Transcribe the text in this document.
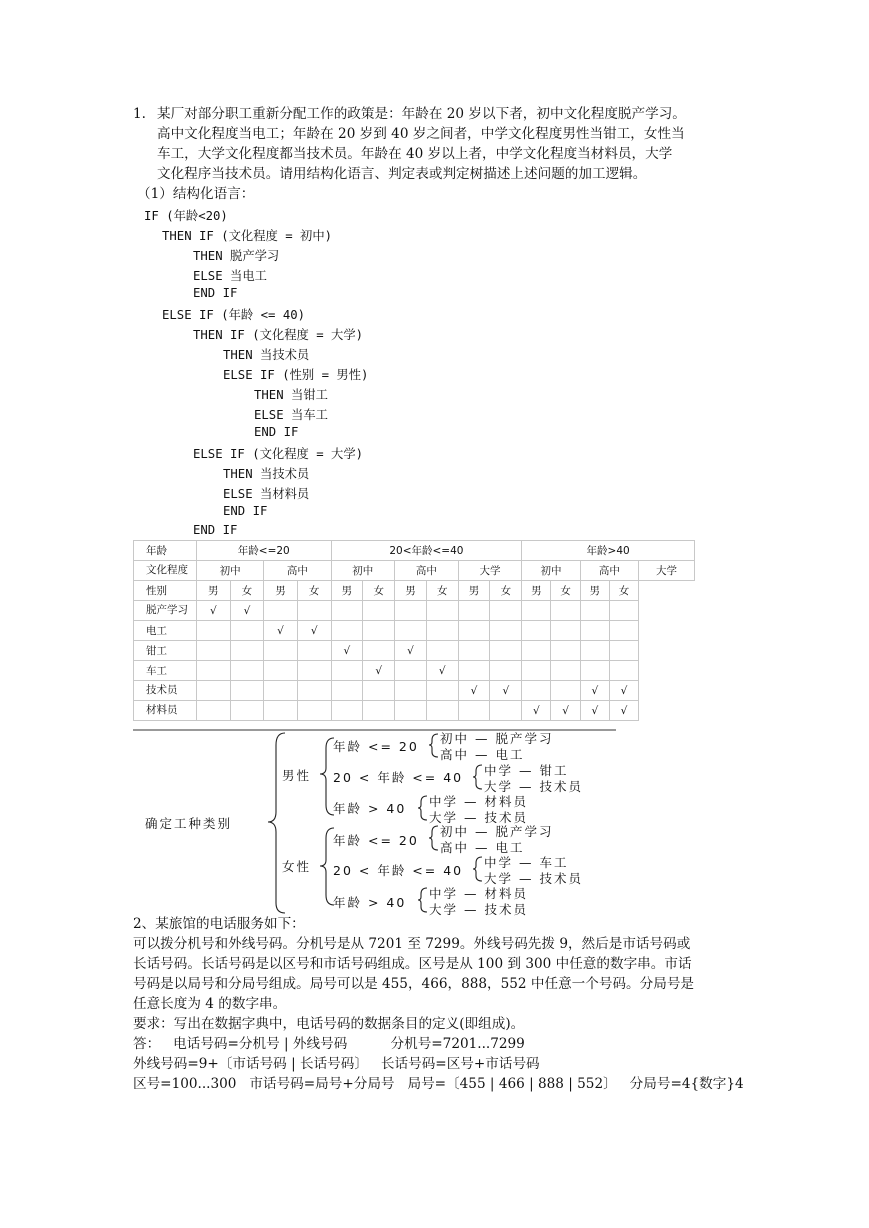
1. 某厂对部分职工重新分配工作的政策是：年龄在 20 岁以下者，初中文化程度脱产学习。
高中文化程度当电工；年龄在 20 岁到 40 岁之间者，中学文化程度男性当钳工，女性当
车工，大学文化程度都当技术员。年龄在 40 岁以上者，中学文化程度当材料员，大学
文化程序当技术员。请用结构化语言、判定表或判定树描述上述问题的加工逻辑。
（1）结构化语言：
IF (年龄<20)
THEN IF (文化程度 = 初中)
THEN 脱产学习
ELSE 当电工
END IF
ELSE IF (年龄 <= 40)
THEN IF (文化程度 = 大学)
THEN 当技术员
ELSE IF (性别 = 男性)
THEN 当钳工
ELSE 当车工
END IF
ELSE IF (文化程度 = 大学)
THEN 当技术员
ELSE 当材料员
END IF
END IF
年龄	年龄<=20				20<年龄<=40						年龄>40				
文化程度	初中		高中		初中		高中		大学		初中		高中		大学
性别	男	女	男	女	男	女	男	女	男	女	男	女	男	女	
脱产学习	√	√													
电工			√	√											
钳工					√		√								
车工						√		√							
技术员									√	√			√	√	
材料员											√	√	√	√	
确定工种类别
男性
女性
年龄 <= 20
初中 — 脱产学习
高中 — 电工
20 < 年龄 <= 40 中学 — 钳工
大学 — 技术员
年龄 > 40 中学 — 材料员
大学 — 技术员
年龄 <= 20
初中 — 脱产学习
高中 — 电工
20 < 年龄 <= 40
中学 — 车工
大学 — 技术员
年龄 > 40
中学 — 材料员
大学 — 技术员
2、某旅馆的电话服务如下：
可以拨分机号和外线号码。分机号是从 7201 至 7299。外线号码先拨 9，然后是市话号码或
长话号码。长话号码是以区号和市话号码组成。区号是从 100 到 300 中任意的数字串。市话
号码是以局号和分局号组成。局号可以是 455，466，888，552 中任意一个号码。分局号是
任意长度为 4 的数字串。
要求：写出在数据字典中，电话号码的数据条目的定义(即组成)。
答：   电话号码=分机号 | 外线号码          分机号=7201...7299
外线号码=9+〔市话号码 | 长话号码〕   长话号码=区号+市话号码
区号=100...300   市话号码=局号+分局号   局号=〔455 | 466 | 888 | 552〕   分局号=4{数字}4
